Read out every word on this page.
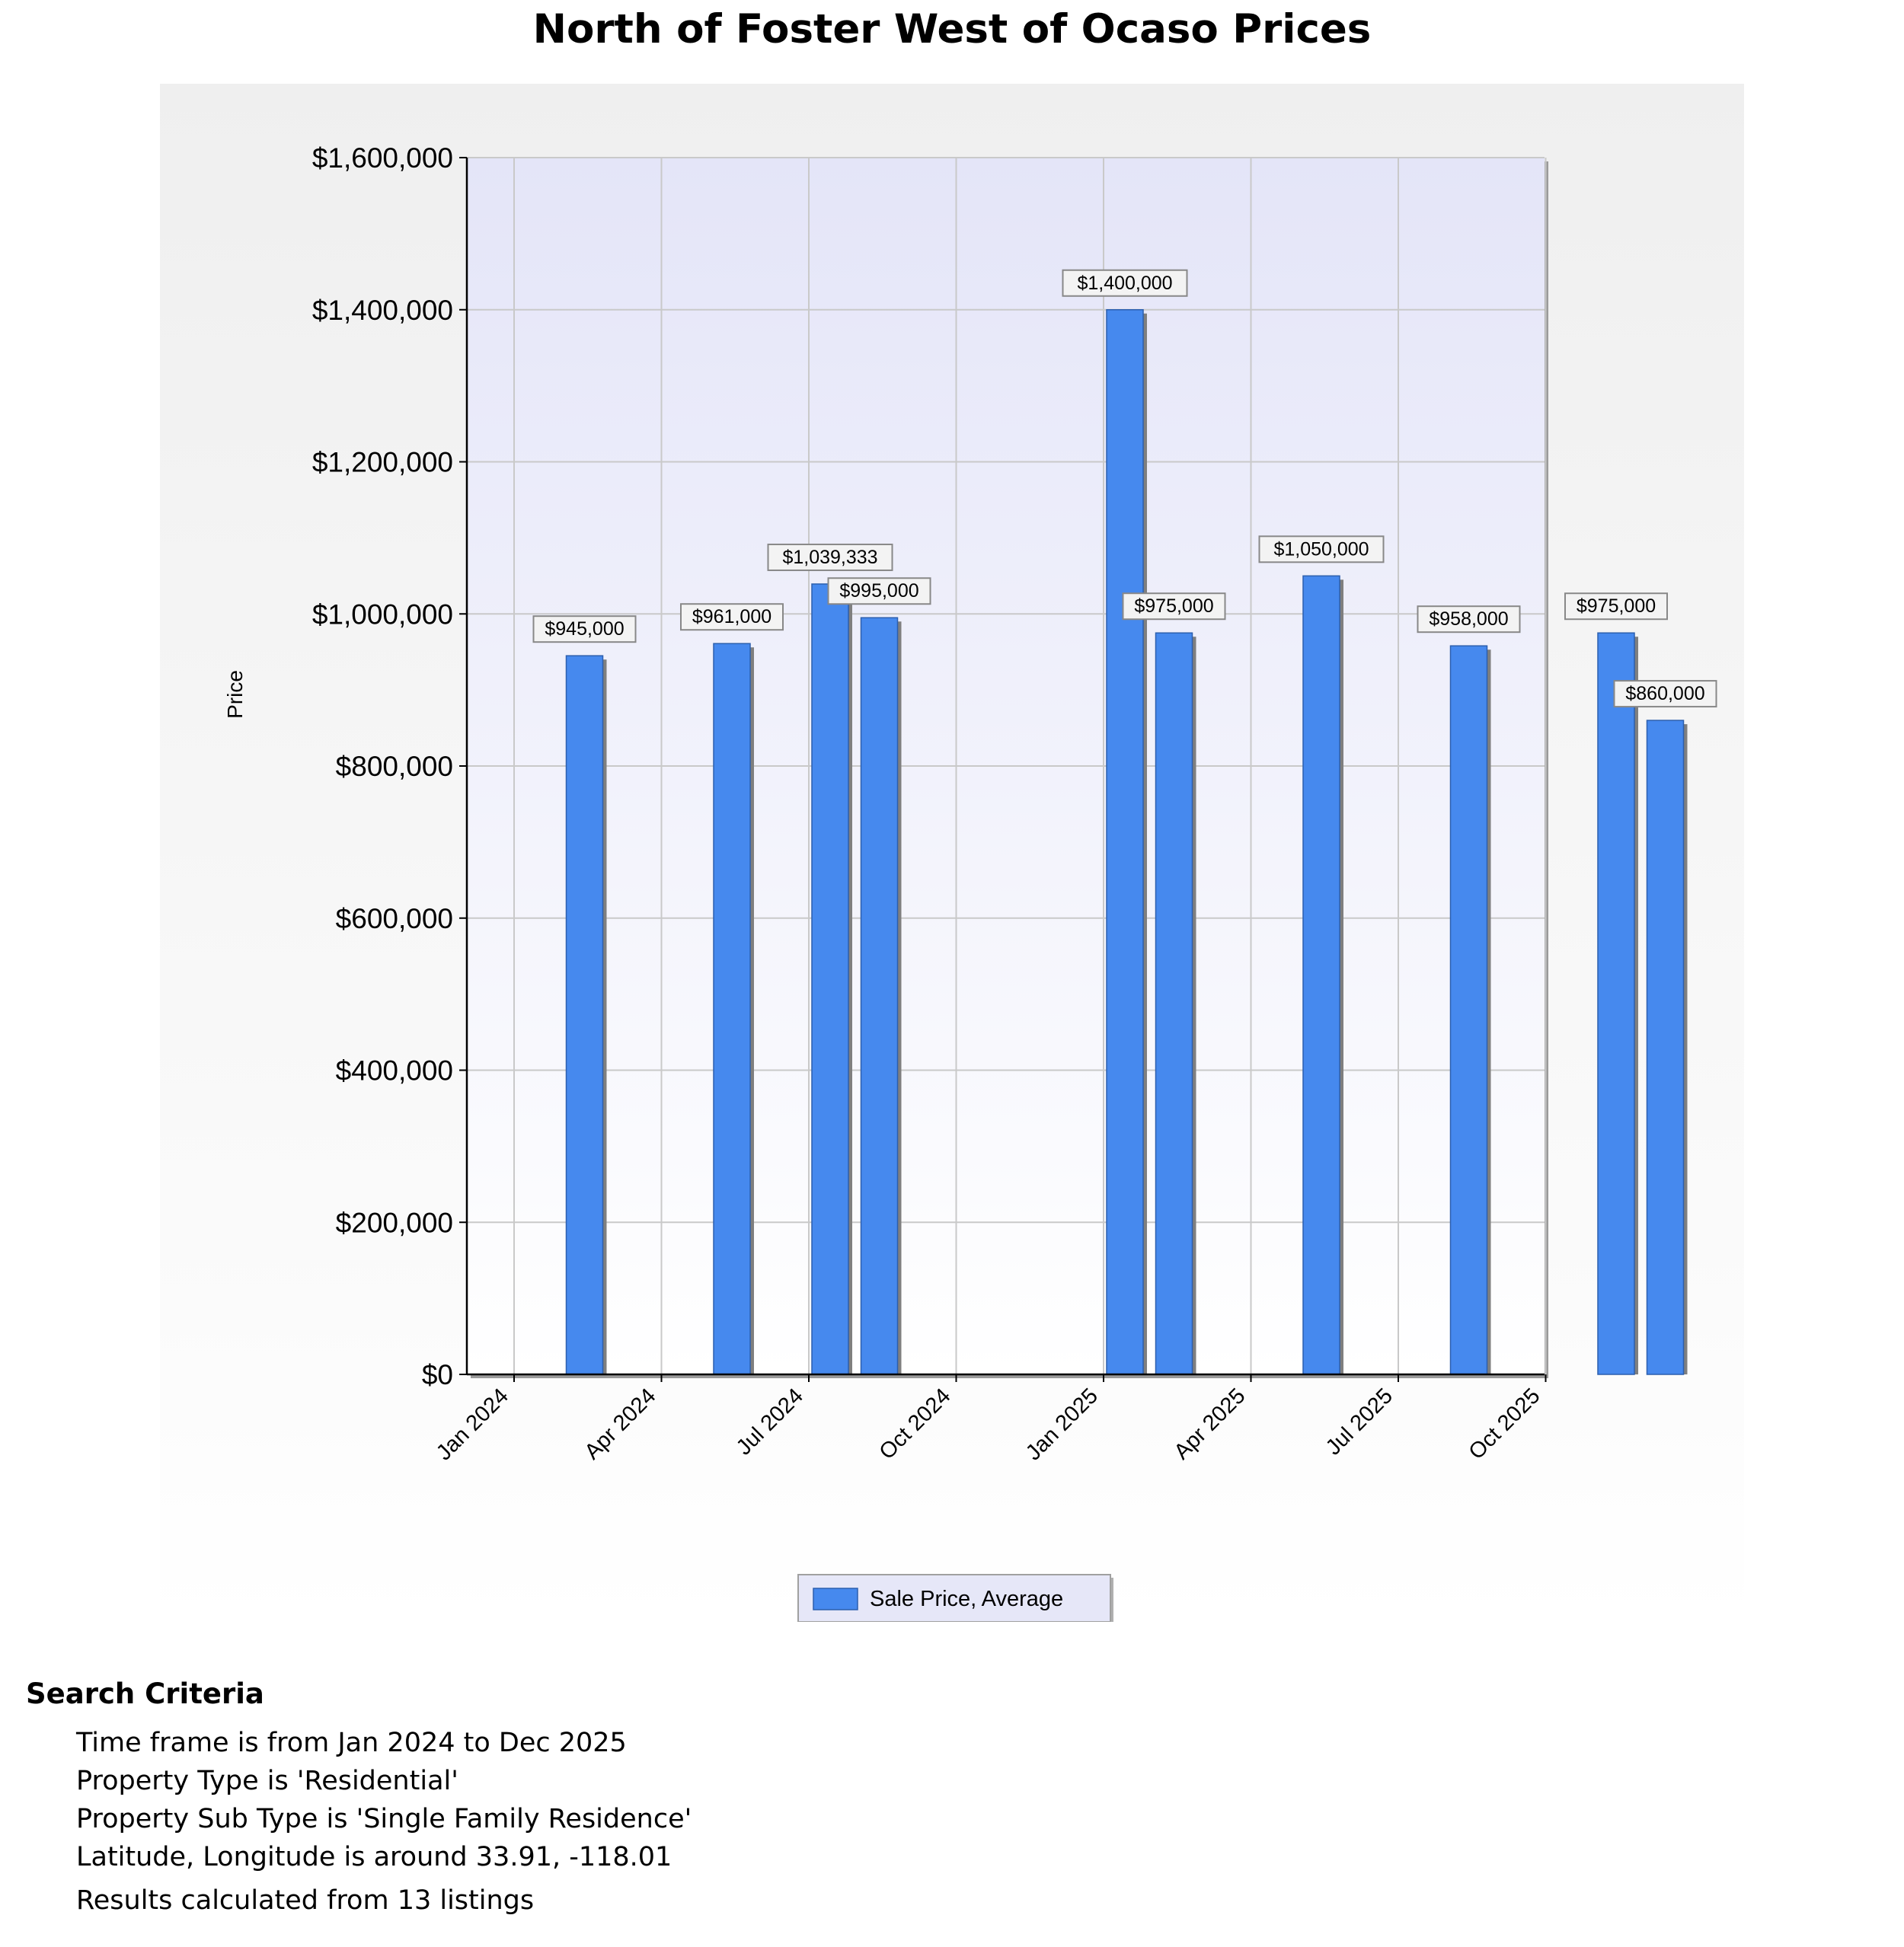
North of Foster West of Ocaso Prices
$0
$200,000
$400,000
$600,000
$800,000
$1,000,000
$1,200,000
$1,400,000
$1,600,000
Jan 2024	Apr 2024	Jul 2024	Oct 2024	Jan 2025	Apr 2025	Jul 2025	Oct 2025
$945,000
$961,000
$1,039,333
$995,000
$1,400,000
$975,000
$1,050,000
$958,000
$975,000
$860,000
Price
Sale Price, Average
Search Criteria
Time frame is from Jan 2024 to Dec 2025
Property Type is 'Residential'
Property Sub Type is 'Single Family Residence'
Latitude, Longitude is around 33.91, -118.01
Results calculated from 13 listings
